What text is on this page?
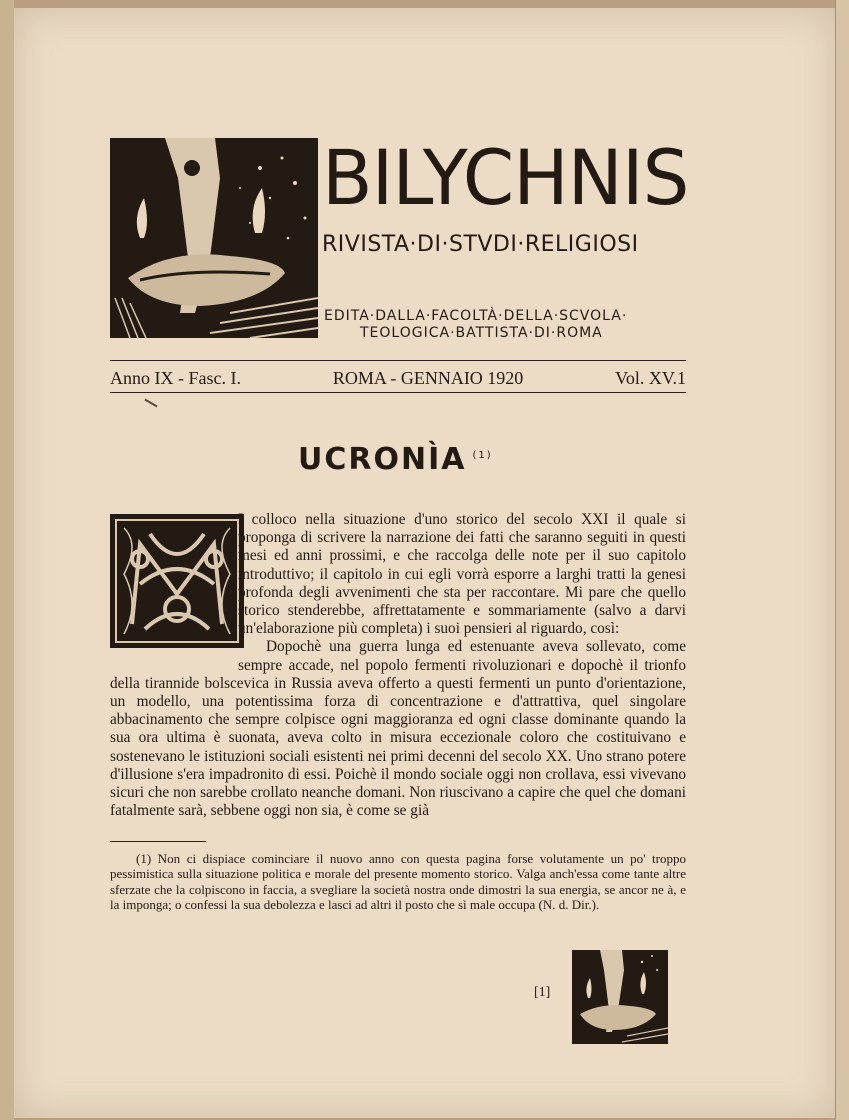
BILYCHNIS
RIVISTA·DI·STVDI·RELIGIOSI
EDITA·DALLA·FACOLTÀ·DELLA·SCVOLA·
TEOLOGICA·BATTISTA·DI·ROMA
Anno IX - Fasc. I.	ROMA - GENNAIO 1920	Vol. XV.1
UCRONÌA $^{(1)}$

I colloco nella situazione d'uno storico del secolo XXI il quale si proponga di scrivere la narrazione dei fatti che saranno seguiti in questi mesi ed anni prossimi, e che raccolga delle note per il suo capitolo introduttivo; il capitolo in cui egli vorrà esporre a larghi tratti la genesi profonda degli avvenimenti che sta per raccontare. Mi pare che quello storico stenderebbe, affrettatamente e sommariamente (salvo a darvi un'elaborazione più completa) i suoi pensieri al riguardo, così:

Dopochè una guerra lunga ed estenuante aveva sollevato, come sempre accade, nel popolo fermenti rivoluzionari e dopochè il trionfo della tirannide bolscevica in Russia aveva offerto a questi fermenti un punto d'orientazione, un modello, una potentissima forza di concentrazione e d'attrattiva, quel singolare abbacinamento che sempre colpisce ogni maggioranza ed ogni classe dominante quando la sua ora ultima è suonata, aveva colto in misura eccezionale coloro che costituivano e sostenevano le istituzioni sociali esistenti nei primi decenni del secolo XX. Uno strano potere d'illusione s'era impadronito di essi. Poichè il mondo sociale oggi non crollava, essi vivevano sicuri che non sarebbe crollato neanche domani. Non riuscivano a capire che quel che domani fatalmente sarà, sebbene oggi non sia, è come se già

(1) Non ci dispiace cominciare il nuovo anno con questa pagina forse volutamente un po' troppo pessimistica sulla situazione politica e morale del presente momento storico. Valga anch'essa come tante altre sferzate che la colpiscono in faccia, a svegliare la società nostra onde dimostri la sua energia, se ancor ne à, e la imponga; o confessi la sua debolezza e lasci ad altri il posto che sì male occupa (N. d. Dir.).
[1]
